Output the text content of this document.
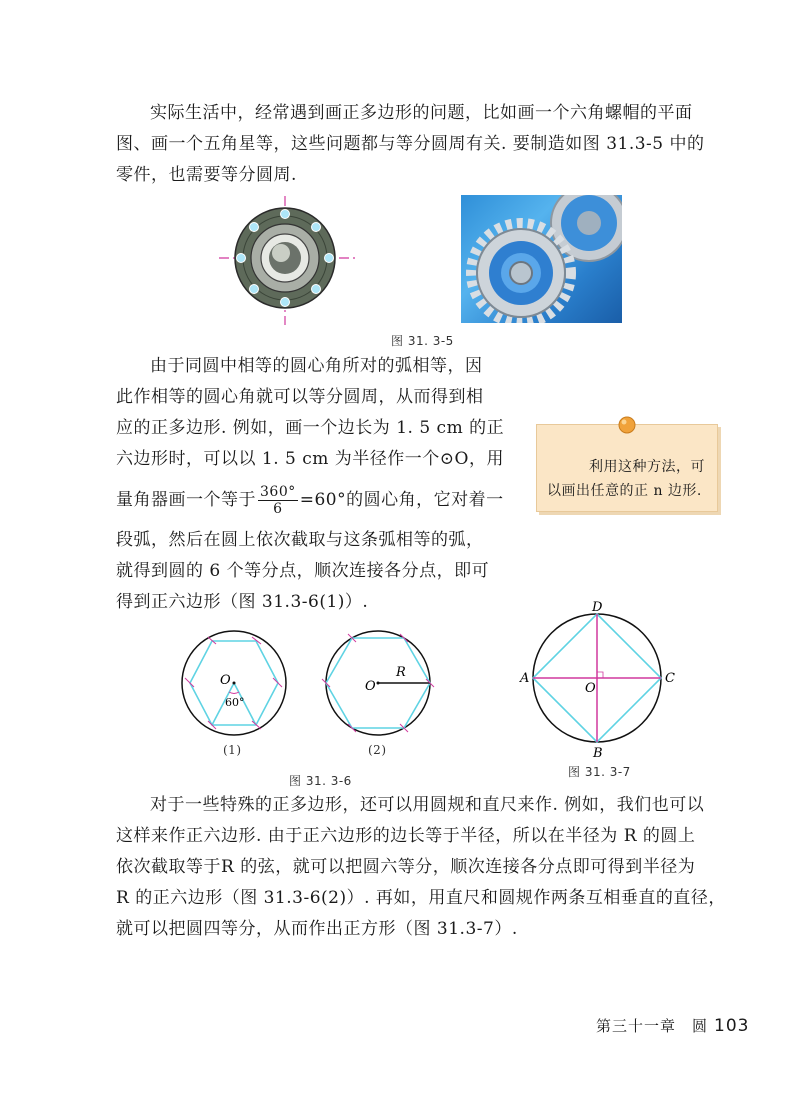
实际生活中，经常遇到画正多边形的问题，比如画一个六角螺帽的平面
图、画一个五角星等，这些问题都与等分圆周有关. 要制造如图 31.3-5 中的
零件，也需要等分圆周.
图 31. 3-5
由于同圆中相等的圆心角所对的弧相等，因
此作相等的圆心角就可以等分圆周，从而得到相
应的正多边形. 例如，画一个边长为 1. 5 cm 的正
六边形时，可以以 1. 5 cm 为半径作一个⊙O，用
量角器画一个等于 $\frac{360^\circ}{6} =60^\circ$的圆心角，它对着一
段弧，然后在圆上依次截取与这条弧相等的弧，
就得到圆的 6 个等分点，顺次连接各分点，即可
得到正六边形（图 31.3-6(1)）.
利用这种方法，可
以画出任意的正 n 边形.
O
60°
(1)
O
R
(2)
图 31. 3-6
A
B
C
D
O
图 31. 3-7
对于一些特殊的正多边形，还可以用圆规和直尺来作. 例如，我们也可以
这样来作正六边形. 由于正六边形的边长等于半径，所以在半径为 R 的圆上
依次截取等于R 的弦，就可以把圆六等分，顺次连接各分点即可得到半径为
R 的正六边形（图 31.3-6(2)）. 再如，用直尺和圆规作两条互相垂直的直径，
就可以把圆四等分，从而作出正方形（图 31.3-7）.
第三十一章　圆 103
